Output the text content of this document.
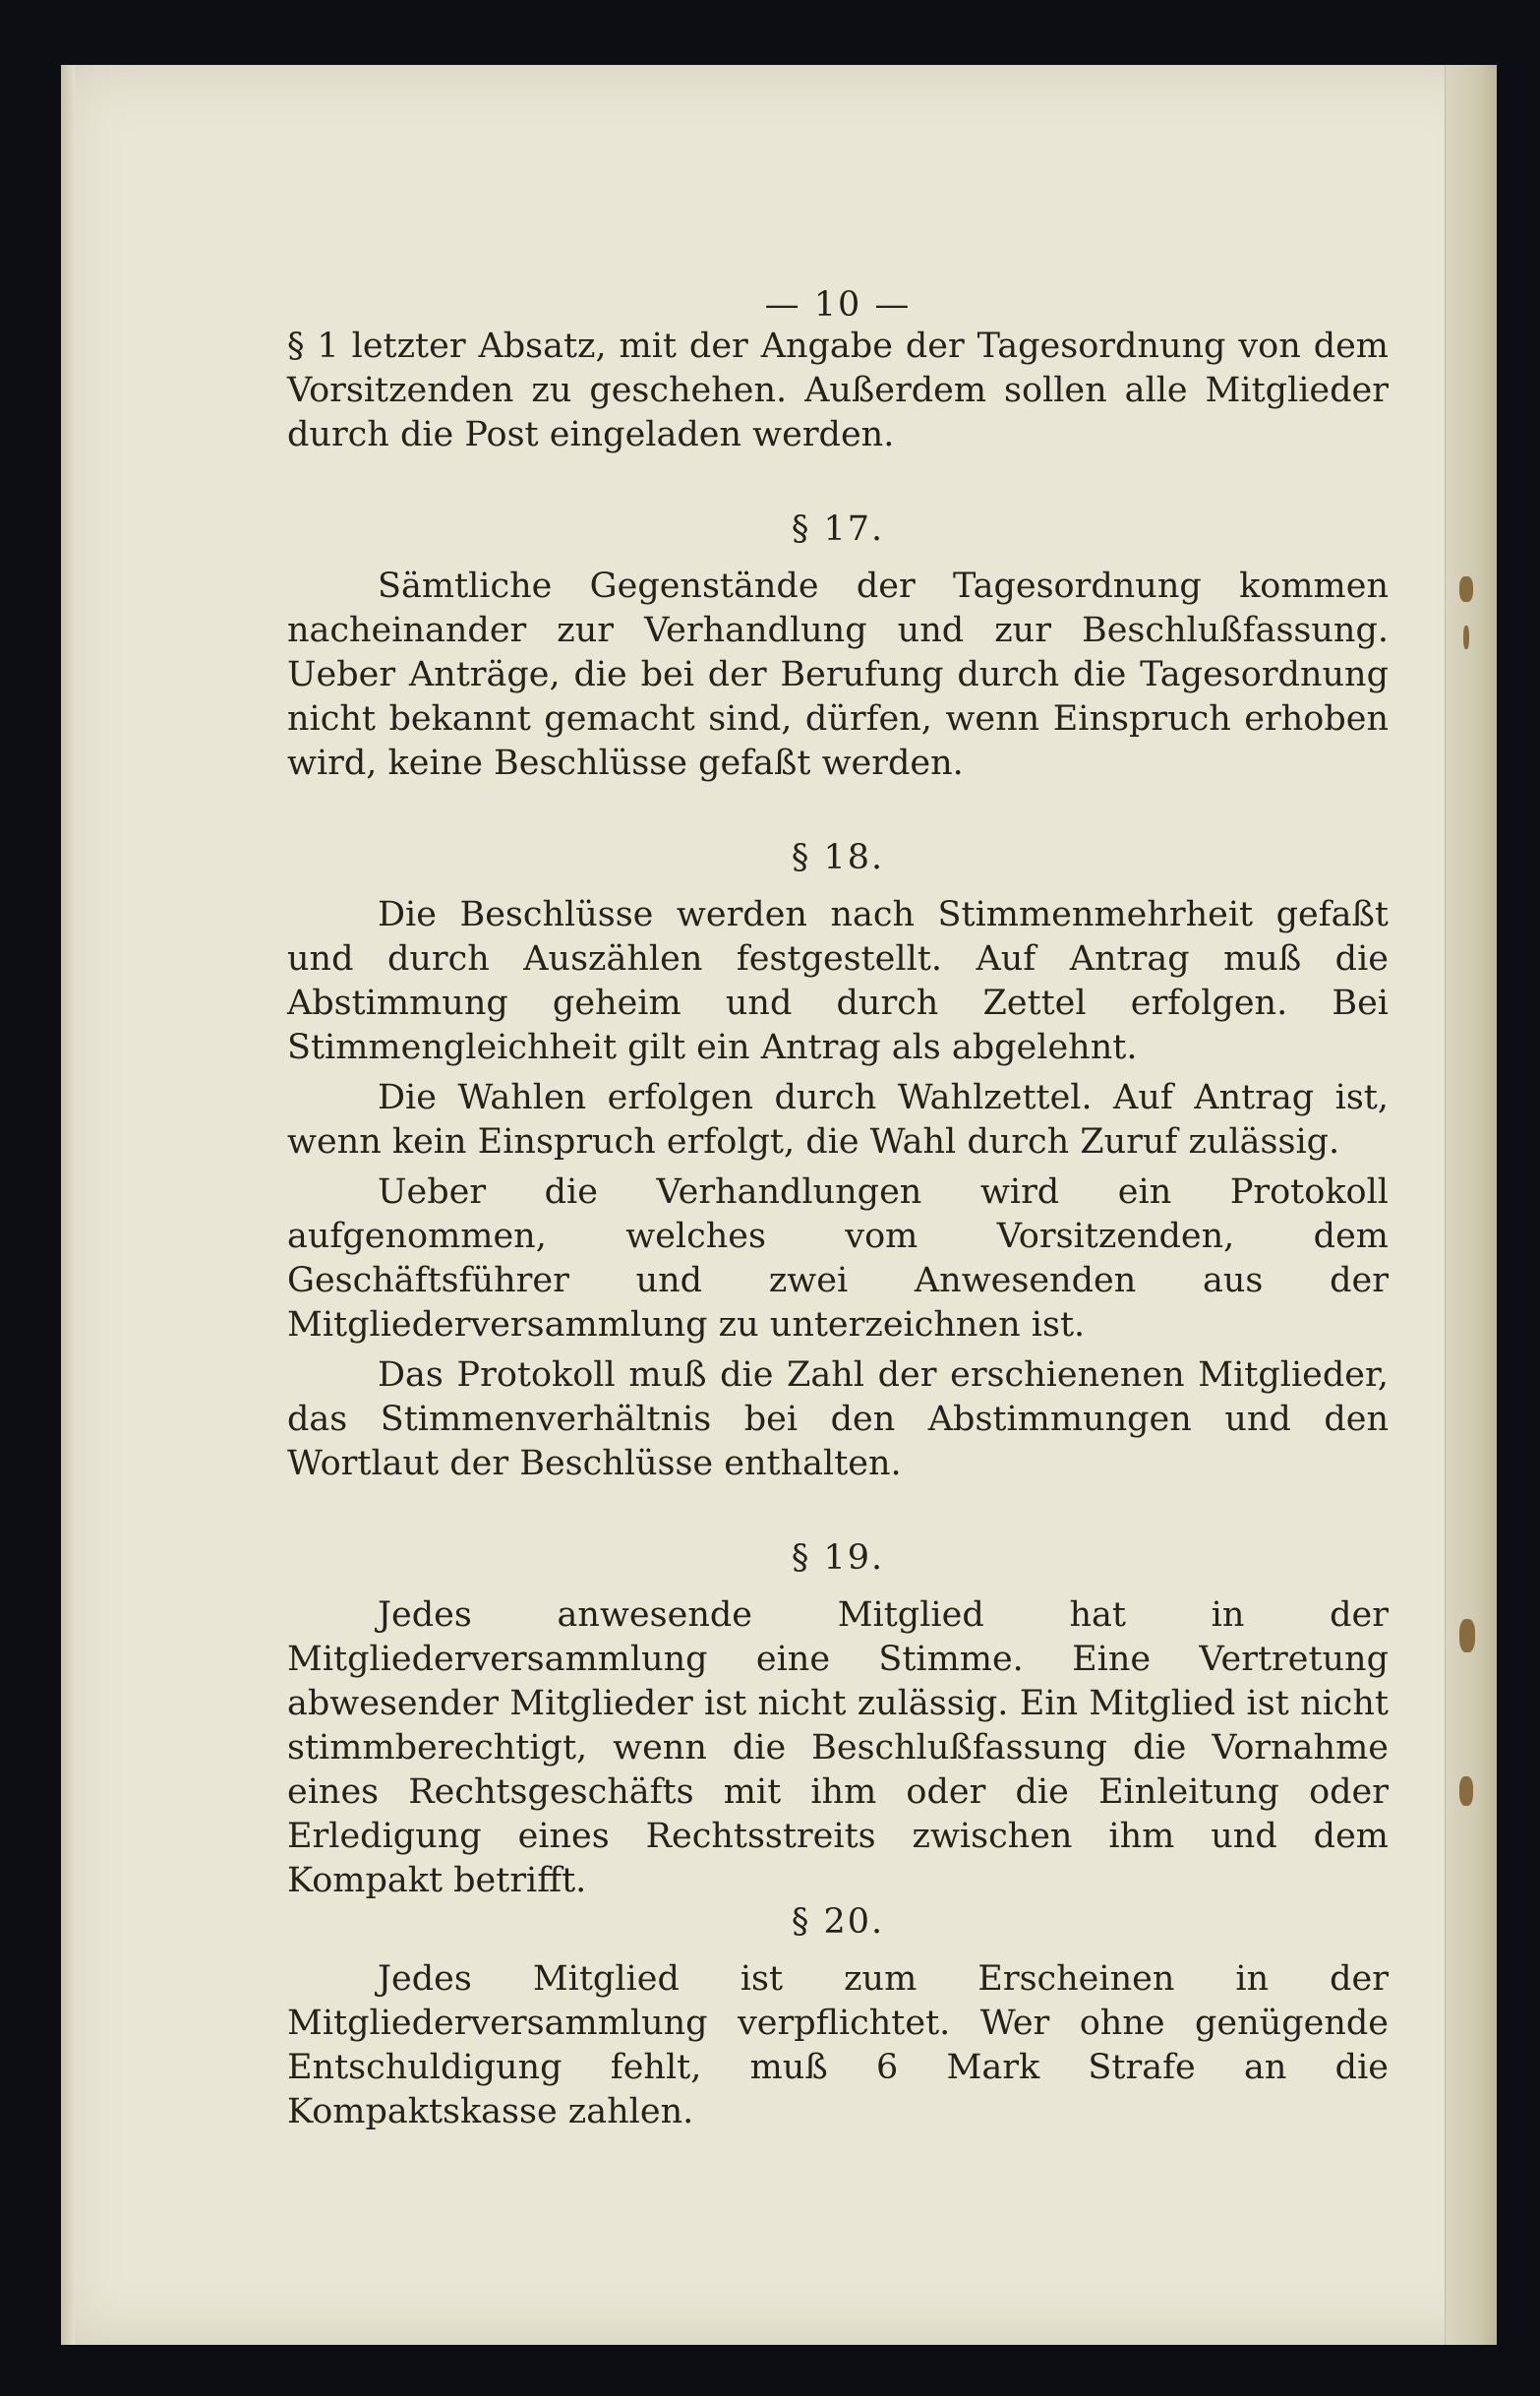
— 10 —
§ 1 letzter Absatz, mit der Angabe der Tagesordnung von dem Vorsitzenden zu geschehen. Außerdem sollen alle Mitglieder durch die Post eingeladen werden.
§ 17.
Sämtliche Gegenstände der Tagesordnung kommen nacheinander zur Verhandlung und zur Beschlußfassung. Ueber Anträge, die bei der Berufung durch die Tagesordnung nicht bekannt gemacht sind, dürfen, wenn Einspruch erhoben wird, keine Beschlüsse gefaßt werden.
§ 18.
Die Beschlüsse werden nach Stimmenmehrheit gefaßt und durch Auszählen festgestellt. Auf Antrag muß die Abstimmung geheim und durch Zettel erfolgen. Bei Stimmengleichheit gilt ein Antrag als abgelehnt.
Die Wahlen erfolgen durch Wahlzettel. Auf Antrag ist, wenn kein Einspruch erfolgt, die Wahl durch Zuruf zulässig.
Ueber die Verhandlungen wird ein Protokoll aufgenommen, welches vom Vorsitzenden, dem Geschäftsführer und zwei Anwesenden aus der Mitgliederversammlung zu unterzeichnen ist.
Das Protokoll muß die Zahl der erschienenen Mitglieder, das Stimmenverhältnis bei den Abstimmungen und den Wortlaut der Beschlüsse enthalten.
§ 19.
Jedes anwesende Mitglied hat in der Mitgliederversammlung eine Stimme. Eine Vertretung abwesender Mitglieder ist nicht zulässig. Ein Mitglied ist nicht stimmberechtigt, wenn die Beschlußfassung die Vornahme eines Rechtsgeschäfts mit ihm oder die Einleitung oder Erledigung eines Rechtsstreits zwischen ihm und dem Kompakt betrifft.
§ 20.
Jedes Mitglied ist zum Erscheinen in der Mitgliederversammlung verpflichtet. Wer ohne genügende Entschuldigung fehlt, muß 6 Mark Strafe an die Kompaktskasse zahlen.
